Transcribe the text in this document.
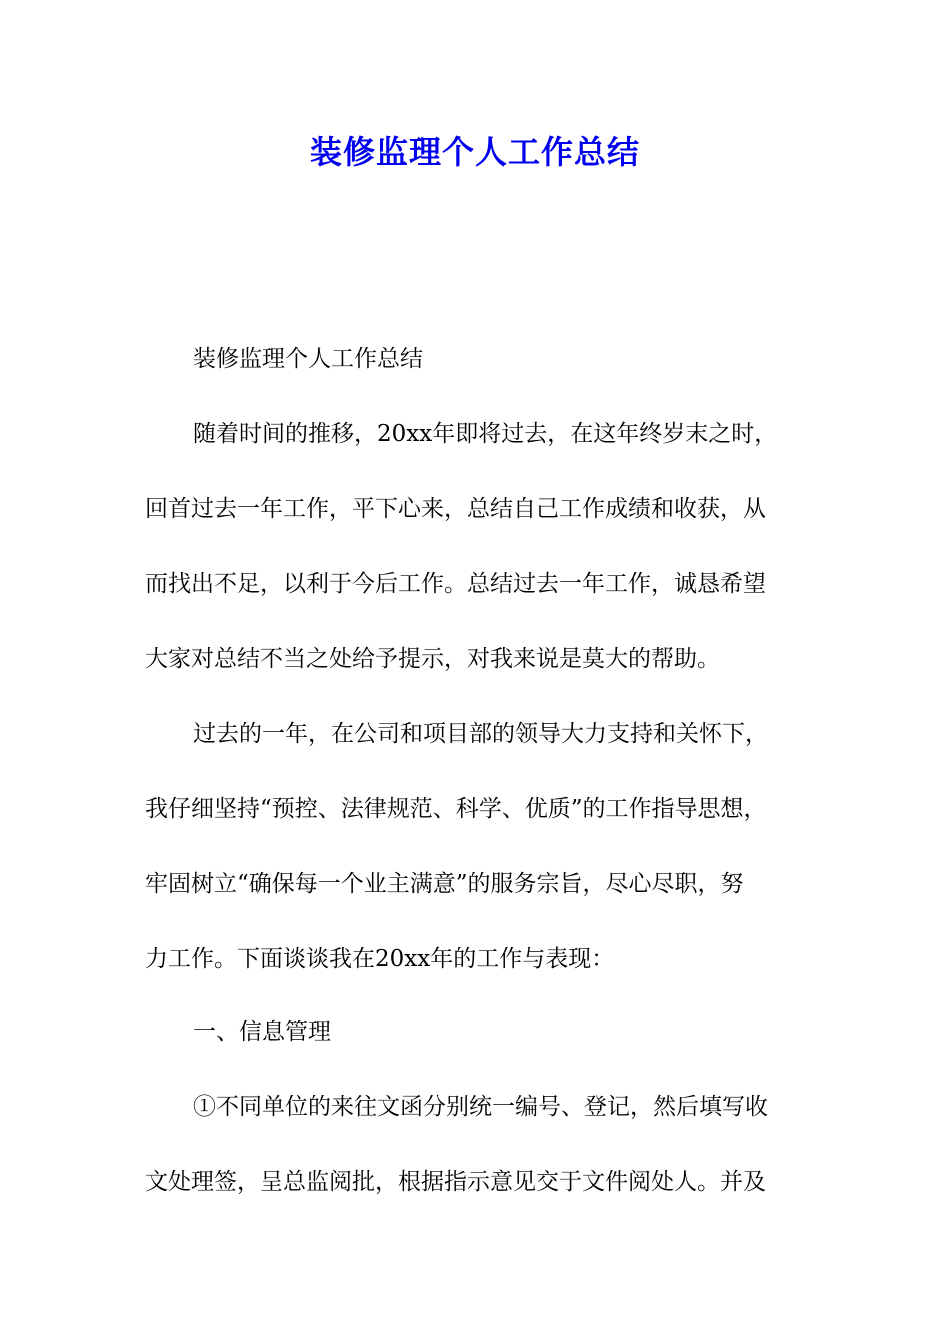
装修监理个人工作总结

装修监理个人工作总结

随着时间的推移，20xx年即将过去，在这年终岁末之时，

回首过去一年工作，平下心来，总结自己工作成绩和收获，从

而找出不足，以利于今后工作。总结过去一年工作，诚恳希望

大家对总结不当之处给予提示，对我来说是莫大的帮助。

过去的一年，在公司和项目部的领导大力支持和关怀下，

我仔细坚持“预控、法律规范、科学、优质”的工作指导思想，

牢固树立“确保每一个业主满意”的服务宗旨，尽心尽职，努

力工作。下面谈谈我在20xx年的工作与表现：

一、信息管理

①不同单位的来往文函分别统一编号、登记，然后填写收

文处理签，呈总监阅批，根据指示意见交于文件阅处人。并及
